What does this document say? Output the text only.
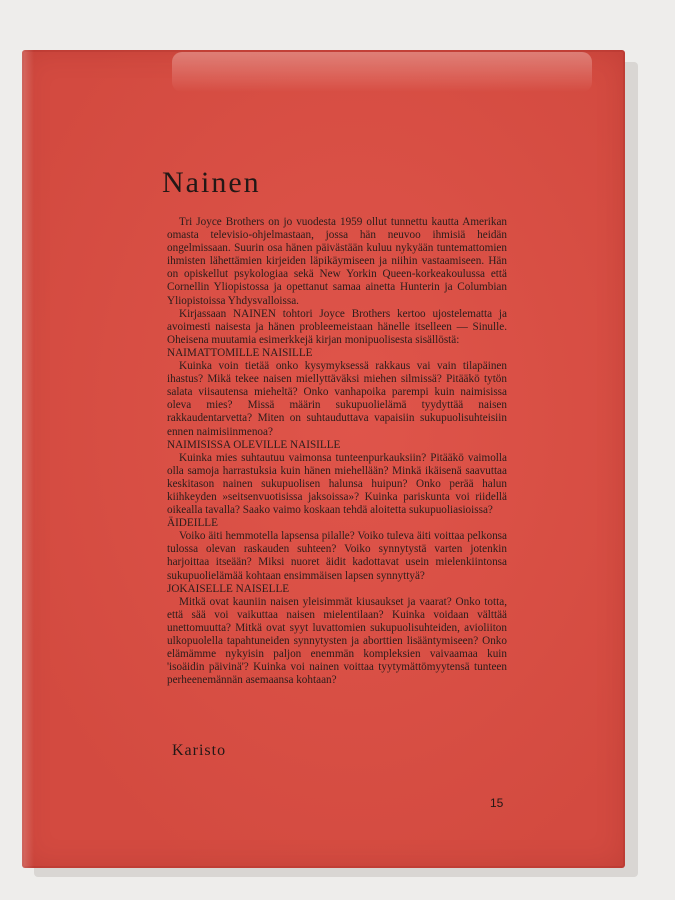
Nainen

Tri Joyce Brothers on jo vuodesta 1959 ollut tunnettu kautta Amerikan omasta televisio-ohjelmastaan, jossa hän neuvoo ihmisiä heidän ongelmissaan. Suurin osa hänen päivästään kuluu nykyään tuntemattomien ihmisten lähettämien kirjeiden läpikäymiseen ja niihin vastaamiseen. Hän on opiskellut psykologiaa sekä New Yorkin Queen-korkeakoulussa että Cornellin Yliopistossa ja opettanut samaa ainetta Hunterin ja Columbian Yliopistoissa Yhdysvalloissa.

Kirjassaan NAINEN tohtori Joyce Brothers kertoo ujostelematta ja avoimesti naisesta ja hänen probleemeistaan hänelle itselleen — Sinulle. Oheisena muutamia esimerkkejä kirjan monipuolisesta sisällöstä:

NAIMATTOMILLE NAISILLE

Kuinka voin tietää onko kysymyksessä rakkaus vai vain tilapäinen ihastus? Mikä tekee naisen miellyttäväksi miehen silmissä? Pitääkö tytön salata viisautensa mieheltä? Onko vanhapoika parempi kuin naimisissa oleva mies? Missä määrin sukupuolielämä tyydyttää naisen rakkaudentarvetta? Miten on suhtauduttava vapaisiin sukupuolisuhteisiin ennen naimisiinmenoa?

NAIMISISSA OLEVILLE NAISILLE

Kuinka mies suhtautuu vaimonsa tunteenpurkauksiin? Pitääkö vaimolla olla samoja harrastuksia kuin hänen miehellään? Minkä ikäisenä saavuttaa keskitason nainen sukupuolisen halunsa huipun? Onko perää halun kiihkeyden »seitsenvuotisissa jaksoissa»? Kuinka pariskunta voi riidellä oikealla tavalla? Saako vaimo koskaan tehdä aloitetta sukupuoliasioissa?

ÄIDEILLE

Voiko äiti hemmotella lapsensa pilalle? Voiko tuleva äiti voittaa pelkonsa tulossa olevan raskauden suhteen? Voiko synnytystä varten jotenkin harjoittaa itseään? Miksi nuoret äidit kadottavat usein mielenkiintonsa sukupuolielämää kohtaan ensimmäisen lapsen synnyttyä?

JOKAISELLE NAISELLE

Mitkä ovat kauniin naisen yleisimmät kiusaukset ja vaarat? Onko totta, että sää voi vaikuttaa naisen mielentilaan? Kuinka voidaan välttää unettomuutta? Mitkä ovat syyt luvattomien sukupuolisuhteiden, avioliiton ulkopuolella tapahtuneiden synnytysten ja aborttien lisääntymiseen? Onko elämämme nykyisin paljon enemmän kompleksien vaivaamaa kuin 'isoäidin päivinä'? Kuinka voi nainen voittaa tyytymättömyytensä tunteen perheenemännän asemaansa kohtaan?

Karisto
15
